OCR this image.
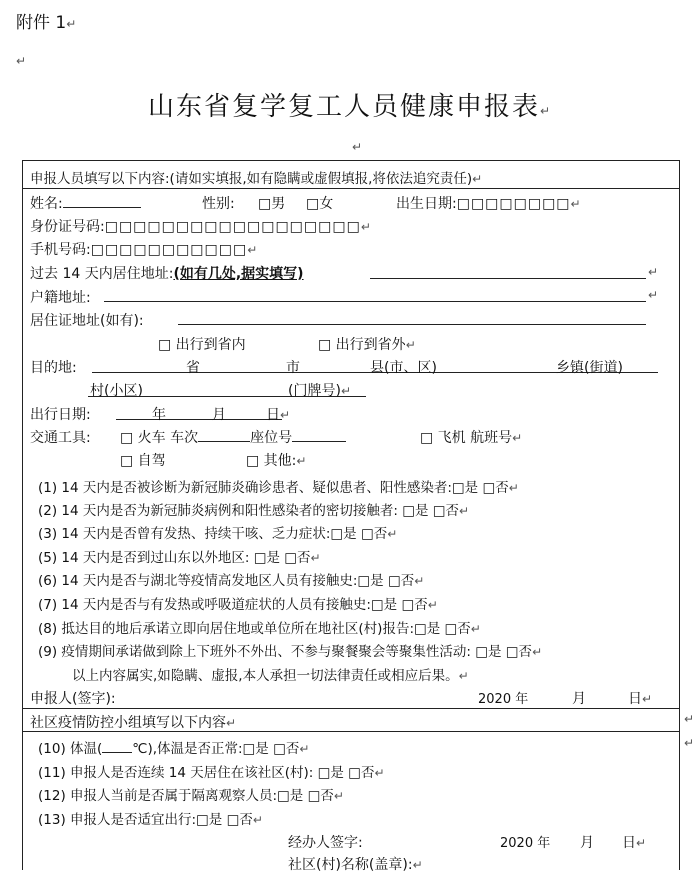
附件 1↵
↵
山东省复学复工人员健康申报表↵
↵
申报人员填写以下内容:(请如实填报,如有隐瞒或虚假填报,将依法追究责任)↵
姓名:	性别: □男 □女	出生日期:□□□□□□□□↵
身份证号码:□□□□□□□□□□□□□□□□□□↵
手机号码:□□□□□□□□□□□↵
过去 14 天内居住地址:(如有几处,据实填写)	↵
户籍地址:	↵
居住证地址(如有):
□ 出行到省内	□ 出行到省外↵
目的地:	省	市	县(市、区)	乡镇(街道)
村(小区)	(门牌号)↵
出行日期:	年	月	日↵
交通工具: □ 火车 车次	座位号	□ 飞机 航班号↵
□ 自驾	□ 其他:↵
(1) 14 天内是否被诊断为新冠肺炎确诊患者、疑似患者、阳性感染者:□是 □否↵
(2) 14 天内是否为新冠肺炎病例和阳性感染者的密切接触者: □是 □否↵
(3) 14 天内是否曾有发热、持续干咳、乏力症状:□是 □否↵
(5) 14 天内是否到过山东以外地区: □是 □否↵
(6) 14 天内是否与湖北等疫情高发地区人员有接触史:□是 □否↵
(7) 14 天内是否与有发热或呼吸道症状的人员有接触史:□是 □否↵
(8) 抵达目的地后承诺立即向居住地或单位所在地社区(村)报告:□是 □否↵
(9) 疫情期间承诺做到除上下班外不外出、不参与聚餐聚会等聚集性活动: □是 □否↵
以上内容属实,如隐瞒、虚报,本人承担一切法律责任或相应后果。↵
申报人(签字):	2020 年	月	日↵
社区疫情防控小组填写以下内容↵	↵
↵
(10) 体温( ℃),体温是否正常:□是 □否↵
(11) 申报人是否连续 14 天居住在该社区(村): □是 □否↵
(12) 申报人当前是否属于隔离观察人员:□是 □否↵
(13) 申报人是否适宜出行:□是 □否↵
经办人签字:	2020 年 月 日↵
社区(村)名称(盖章):↵
